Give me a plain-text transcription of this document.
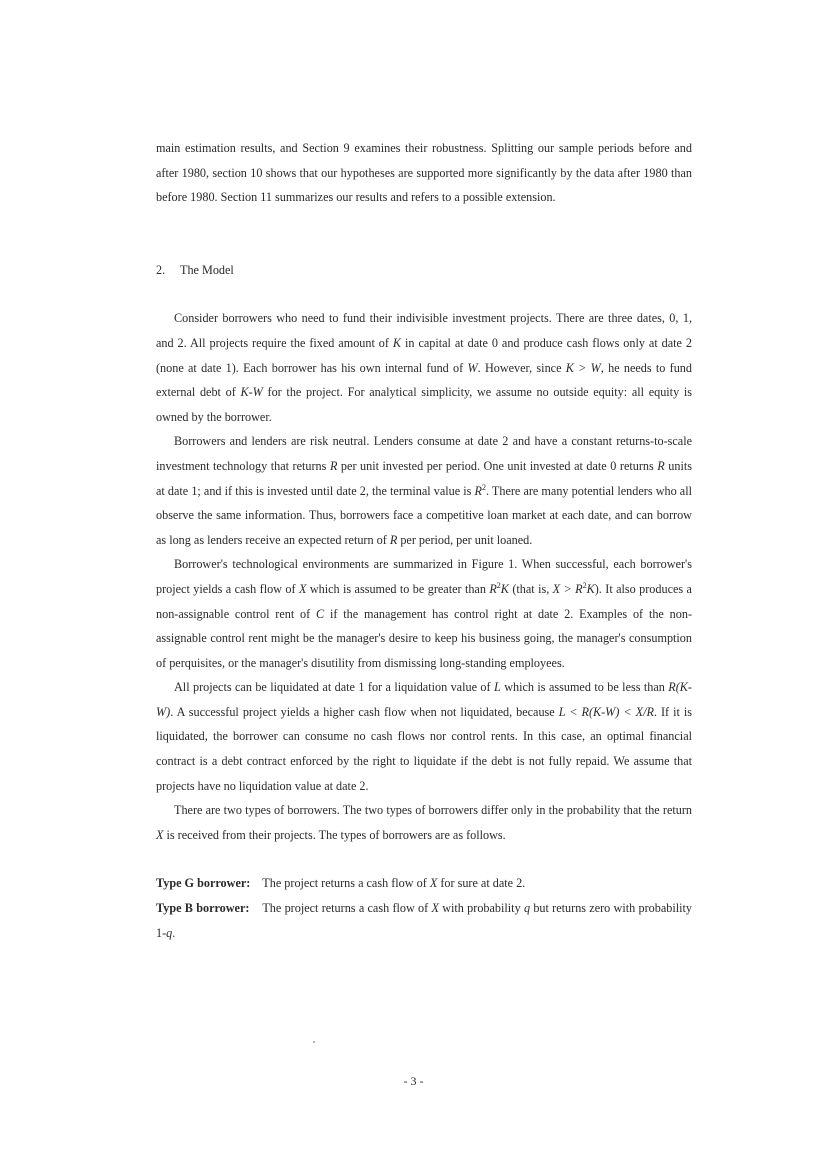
main estimation results, and Section 9 examines their robustness. Splitting our sample periods before and after 1980, section 10 shows that our hypotheses are supported more significantly by the data after 1980 than before 1980. Section 11 summarizes our results and refers to a possible extension.

2. The Model

Consider borrowers who need to fund their indivisible investment projects. There are three dates, 0, 1, and 2. All projects require the fixed amount of K in capital at date 0 and produce cash flows only at date 2 (none at date 1). Each borrower has his own internal fund of W. However, since K > W, he needs to fund external debt of K-W for the project. For analytical simplicity, we assume no outside equity: all equity is owned by the borrower.

Borrowers and lenders are risk neutral. Lenders consume at date 2 and have a constant returns-to-scale investment technology that returns R per unit invested per period. One unit invested at date 0 returns R units at date 1; and if this is invested until date 2, the terminal value is $R^2$. There are many potential lenders who all observe the same information. Thus, borrowers face a competitive loan market at each date, and can borrow as long as lenders receive an expected return of R per period, per unit loaned.

Borrower's technological environments are summarized in Figure 1. When successful, each borrower's project yields a cash flow of X which is assumed to be greater than $R^2K$ (that is, $X > R^2K$). It also produces a non-assignable control rent of C if the management has control right at date 2. Examples of the non-assignable control rent might be the manager's desire to keep his business going, the manager's consumption of perquisites, or the manager's disutility from dismissing long-standing employees.

All projects can be liquidated at date 1 for a liquidation value of L which is assumed to be less than R(K-W). A successful project yields a higher cash flow when not liquidated, because L < R(K-W) < X/R. If it is liquidated, the borrower can consume no cash flows nor control rents. In this case, an optimal financial contract is a debt contract enforced by the right to liquidate if the debt is not fully repaid. We assume that projects have no liquidation value at date 2.

There are two types of borrowers. The two types of borrowers differ only in the probability that the return X is received from their projects. The types of borrowers are as follows.

Type G borrower: The project returns a cash flow of X for sure at date 2.

Type B borrower: The project returns a cash flow of X with probability q but returns zero with probability 1-q.

- 3 -
